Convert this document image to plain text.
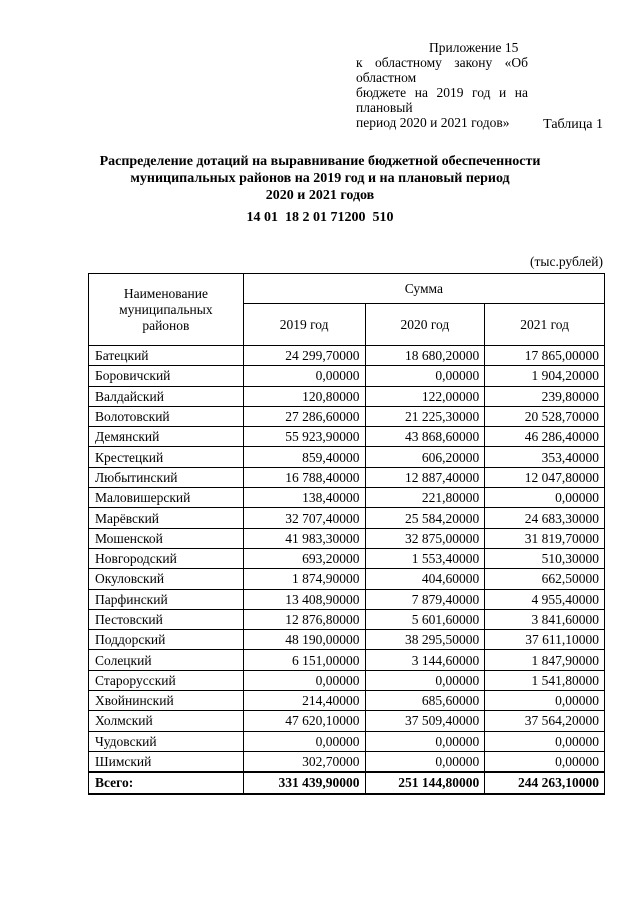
Приложение 15
к областному закону «Об областном
бюджете на 2019 год и на плановый
период 2020 и 2021 годов»	Таблица 1
Распределение дотаций на выравнивание бюджетной обеспеченности
муниципальных районов на 2019 год и на плановый период
2020 и 2021 годов
14 01  18 2 01 71200  510
(тыс.рублей)
Наименование
муниципальных
районов	Сумма		
	2019 год	2020 год	2021 год
Батецкий	24 299,70000	18 680,20000	17 865,00000
Боровичский	0,00000	0,00000	1 904,20000
Валдайский	120,80000	122,00000	239,80000
Волотовский	27 286,60000	21 225,30000	20 528,70000
Демянский	55 923,90000	43 868,60000	46 286,40000
Крестецкий	859,40000	606,20000	353,40000
Любытинский	16 788,40000	12 887,40000	12 047,80000
Маловишерский	138,40000	221,80000	0,00000
Марёвский	32 707,40000	25 584,20000	24 683,30000
Мошенской	41 983,30000	32 875,00000	31 819,70000
Новгородский	693,20000	1 553,40000	510,30000
Окуловский	1 874,90000	404,60000	662,50000
Парфинский	13 408,90000	7 879,40000	4 955,40000
Пестовский	12 876,80000	5 601,60000	3 841,60000
Поддорский	48 190,00000	38 295,50000	37 611,10000
Солецкий	6 151,00000	3 144,60000	1 847,90000
Старорусский	0,00000	0,00000	1 541,80000
Хвойнинский	214,40000	685,60000	0,00000
Холмский	47 620,10000	37 509,40000	37 564,20000
Чудовский	0,00000	0,00000	0,00000
Шимский	302,70000	0,00000	0,00000
Всего:	331 439,90000	251 144,80000	244 263,10000
